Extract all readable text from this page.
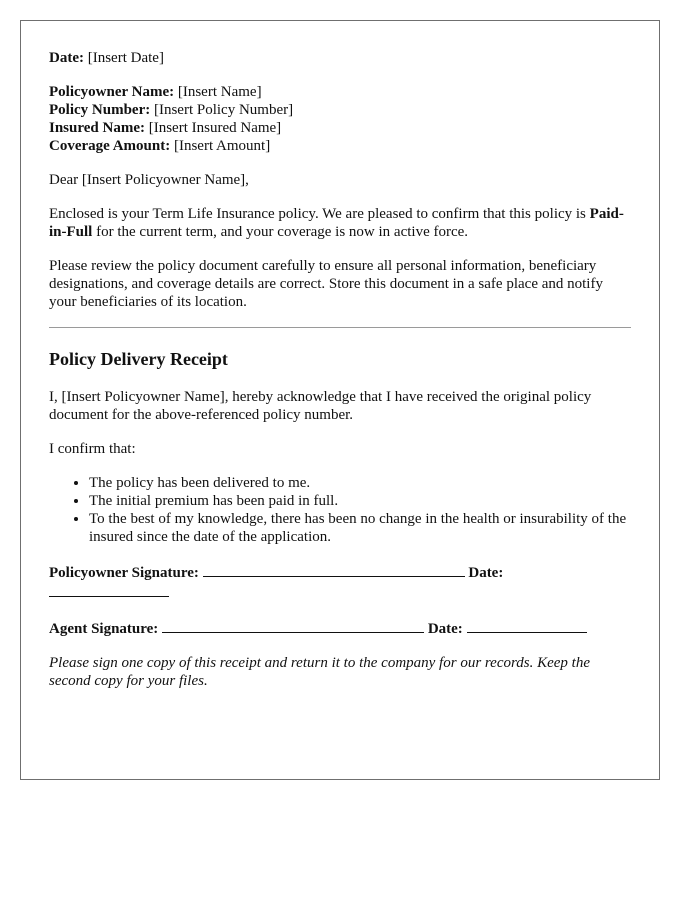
Date: [Insert Date]

Policyowner Name: [Insert Name]

Policy Number: [Insert Policy Number]

Insured Name: [Insert Insured Name]

Coverage Amount: [Insert Amount]

Dear [Insert Policyowner Name],

Enclosed is your Term Life Insurance policy. We are pleased to confirm that this policy is Paid-in-Full for the current term, and your coverage is now in active force.

Please review the policy document carefully to ensure all personal information, beneficiary designations, and coverage details are correct. Store this document in a safe place and notify your beneficiaries of its location.

Policy Delivery Receipt

I, [Insert Policyowner Name], hereby acknowledge that I have received the original policy document for the above-referenced policy number.

I confirm that:

• The policy has been delivered to me.
• The initial premium has been paid in full.
• To the best of my knowledge, there has been no change in the health or insurability of the insured since the date of the application.
Policyowner Signature:	Date:

Agent Signature:	Date:

Please sign one copy of this receipt and return it to the company for our records. Keep the second copy for your files.
